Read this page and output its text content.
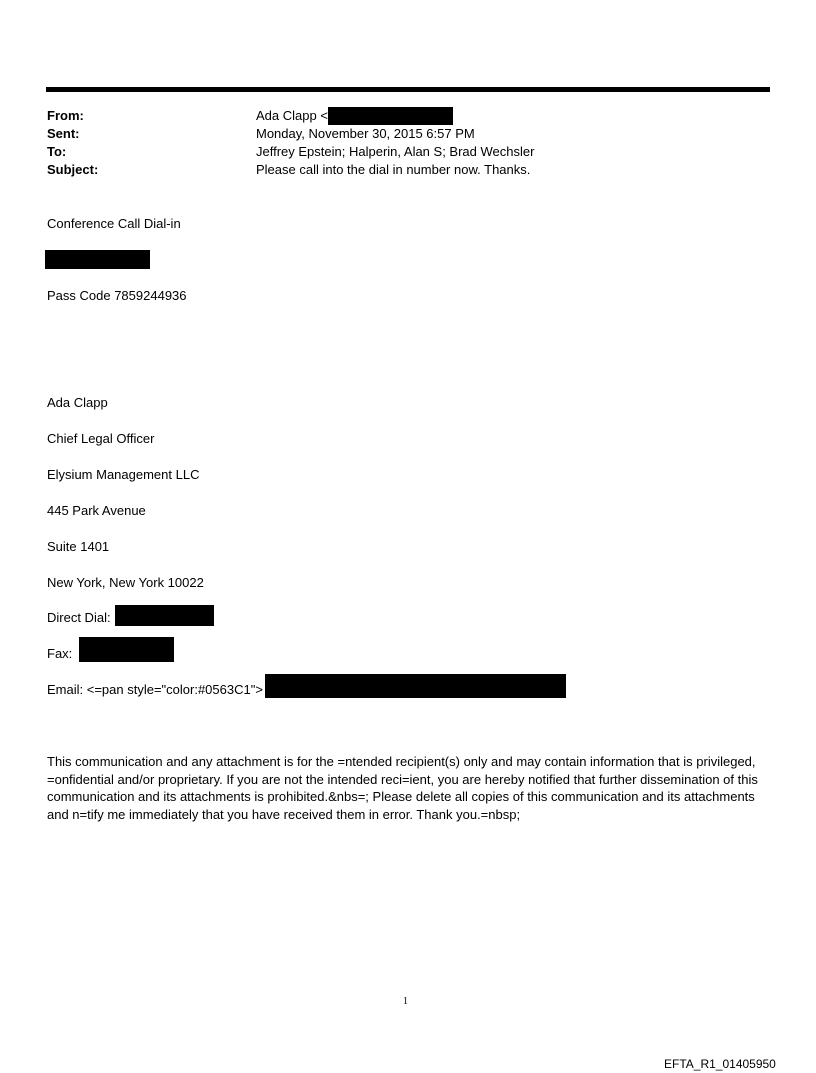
From:	Ada Clapp <
Sent:	Monday, November 30, 2015 6:57 PM
To:	Jeffrey Epstein; Halperin, Alan S; Brad Wechsler
Subject:	Please call into the dial in number now. Thanks.
Conference Call Dial-in
Pass Code 7859244936
Ada Clapp
Chief Legal Officer
Elysium Management LLC
445 Park Avenue
Suite 1401
New York, New York 10022
Direct Dial:
Fax:
Email: <=pan style="color:#0563C1">
This communication and any attachment is for the =ntended recipient(s) only and may contain information that is privileged, =onfidential and/or proprietary. If you are not the intended reci=ient, you are hereby notified that further dissemination of this communication and its attachments is prohibited.&nbs=; Please delete all copies of this communication and its attachments and n=tify me immediately that you have received them in error. Thank you.=nbsp;
1
EFTA_R1_01405950
